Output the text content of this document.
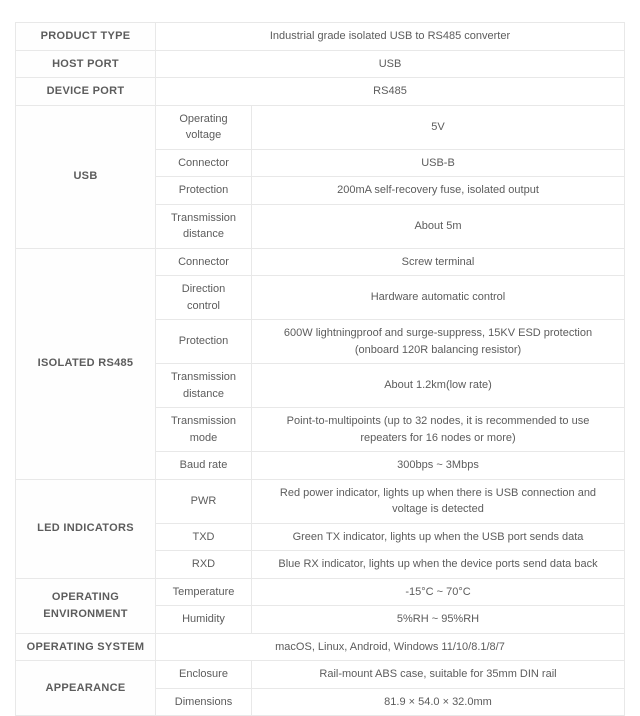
PRODUCT TYPE	Industrial grade isolated USB to RS485 converter	
HOST PORT	USB	
DEVICE PORT	RS485	
USB	Operating voltage	5V
	Connector	USB-B
	Protection	200mA self-recovery fuse, isolated output
	Transmission distance	About 5m
ISOLATED RS485	Connector	Screw terminal
	Direction control	Hardware automatic control
	Protection	600W lightningproof and surge-suppress, 15KV ESD protection (onboard 120R balancing resistor)
	Transmission distance	About 1.2km(low rate)
	Transmission mode	Point-to-multipoints (up to 32 nodes, it is recommended to use repeaters for 16 nodes or more)
	Baud rate	300bps ~ 3Mbps
LED INDICATORS	PWR	Red power indicator, lights up when there is USB connection and voltage is detected
	TXD	Green TX indicator, lights up when the USB port sends data
	RXD	Blue RX indicator, lights up when the device ports send data back
OPERATING ENVIRONMENT	Temperature	-15°C ~ 70°C
	Humidity	5%RH ~ 95%RH
OPERATING SYSTEM	macOS, Linux, Android, Windows 11/10/8.1/8/7	
APPEARANCE	Enclosure	Rail-mount ABS case, suitable for 35mm DIN rail
	Dimensions	81.9 × 54.0 × 32.0mm
